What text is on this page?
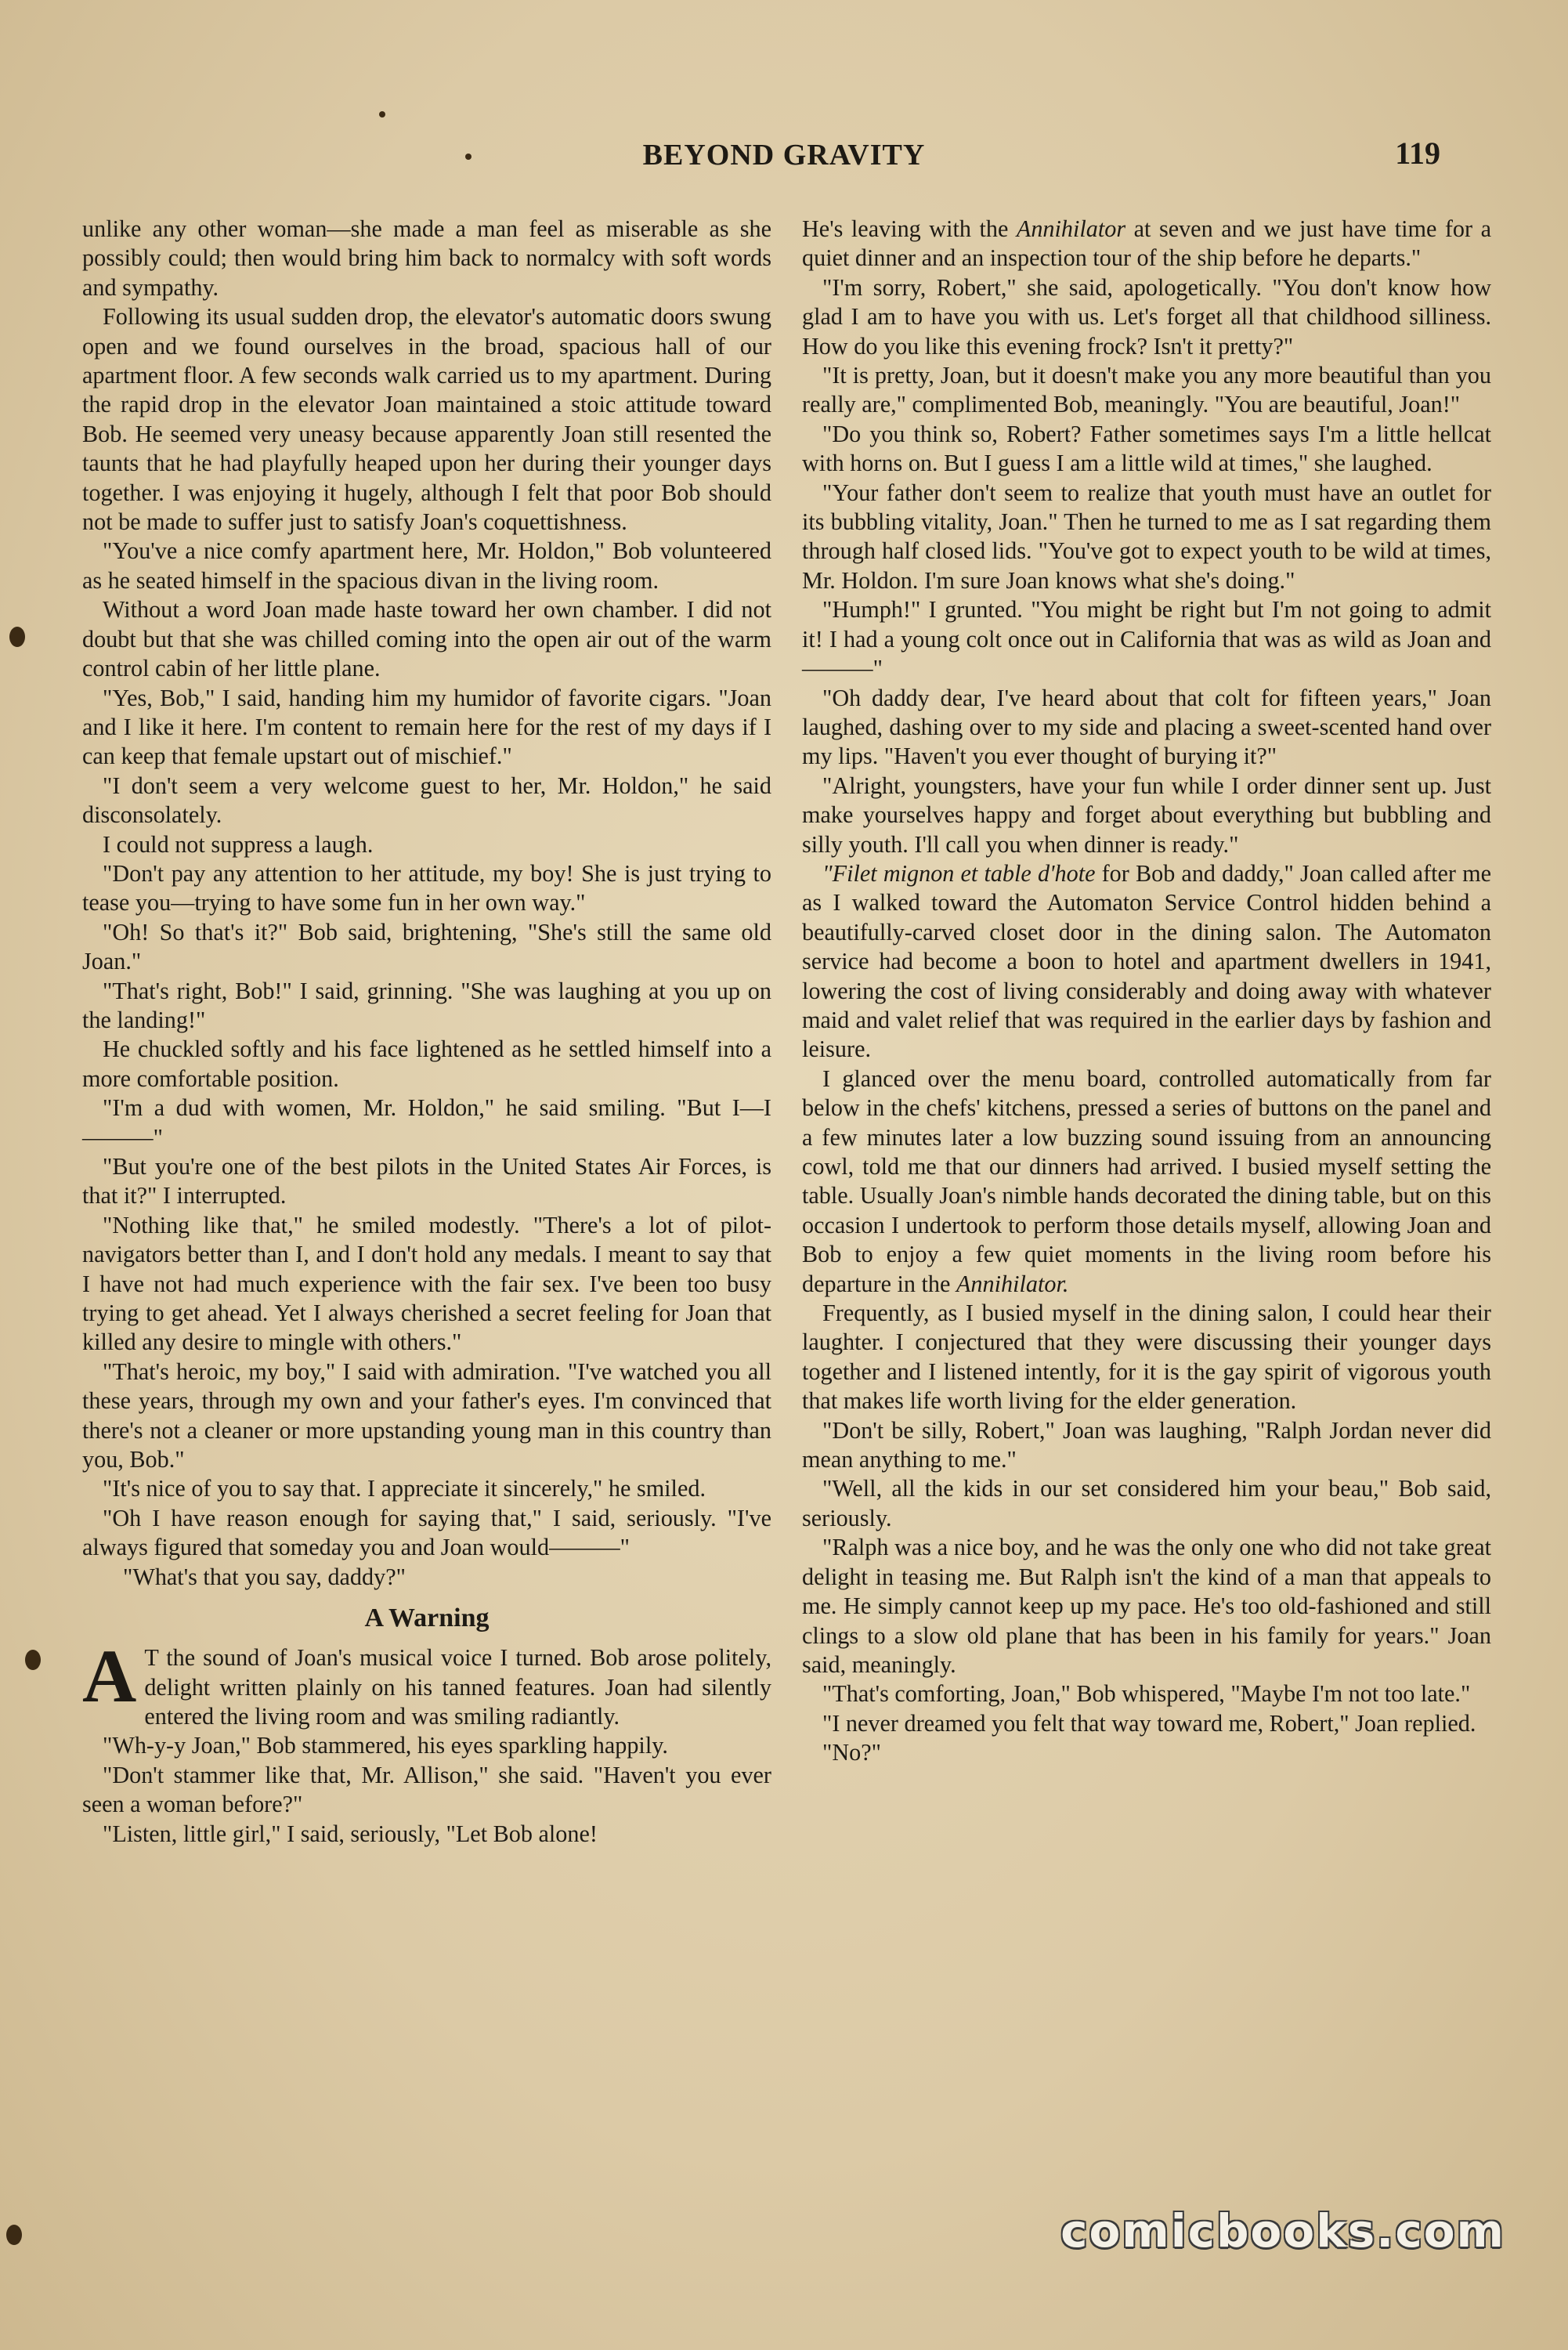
BEYOND GRAVITY	119

unlike any other woman—she made a man feel as miserable as she possibly could; then would bring him back to normalcy with soft words and sympathy.

Following its usual sudden drop, the elevator's automatic doors swung open and we found ourselves in the broad, spacious hall of our apartment floor. A few seconds walk carried us to my apartment. During the rapid drop in the elevator Joan maintained a stoic attitude toward Bob. He seemed very uneasy because apparently Joan still resented the taunts that he had playfully heaped upon her during their younger days together. I was enjoying it hugely, although I felt that poor Bob should not be made to suffer just to satisfy Joan's coquettishness.

"You've a nice comfy apartment here, Mr. Holdon," Bob volunteered as he seated himself in the spacious divan in the living room.

Without a word Joan made haste toward her own chamber. I did not doubt but that she was chilled coming into the open air out of the warm control cabin of her little plane.

"Yes, Bob," I said, handing him my humidor of favorite cigars. "Joan and I like it here. I'm content to remain here for the rest of my days if I can keep that female upstart out of mischief."

"I don't seem a very welcome guest to her, Mr. Holdon," he said disconsolately.

I could not suppress a laugh.

"Don't pay any attention to her attitude, my boy! She is just trying to tease you—trying to have some fun in her own way."

"Oh! So that's it?" Bob said, brightening, "She's still the same old Joan."

"That's right, Bob!" I said, grinning. "She was laughing at you up on the landing!"

He chuckled softly and his face lightened as he settled himself into a more comfortable position.

"I'm a dud with women, Mr. Holdon," he said smiling. "But I—I———"

"But you're one of the best pilots in the United States Air Forces, is that it?" I interrupted.

"Nothing like that," he smiled modestly. "There's a lot of pilot-navigators better than I, and I don't hold any medals. I meant to say that I have not had much experience with the fair sex. I've been too busy trying to get ahead. Yet I always cherished a secret feeling for Joan that killed any desire to mingle with others."

"That's heroic, my boy," I said with admiration. "I've watched you all these years, through my own and your father's eyes. I'm convinced that there's not a cleaner or more upstanding young man in this country than you, Bob."

"It's nice of you to say that. I appreciate it sincerely," he smiled.

"Oh I have reason enough for saying that," I said, seriously. "I've always figured that someday you and Joan would———"

"What's that you say, daddy?"

A Warning

A T the sound of Joan's musical voice I turned. Bob arose politely, delight written plainly on his tanned features. Joan had silently entered the living room and was smiling radiantly.

"Wh-y-y Joan," Bob stammered, his eyes sparkling happily.

"Don't stammer like that, Mr. Allison," she said. "Haven't you ever seen a woman before?"

"Listen, little girl," I said, seriously, "Let Bob alone!

He's leaving with the Annihilator at seven and we just have time for a quiet dinner and an inspection tour of the ship before he departs."

"I'm sorry, Robert," she said, apologetically. "You don't know how glad I am to have you with us. Let's forget all that childhood silliness. How do you like this evening frock? Isn't it pretty?"

"It is pretty, Joan, but it doesn't make you any more beautiful than you really are," complimented Bob, meaningly. "You are beautiful, Joan!"

"Do you think so, Robert? Father sometimes says I'm a little hellcat with horns on. But I guess I am a little wild at times," she laughed.

"Your father don't seem to realize that youth must have an outlet for its bubbling vitality, Joan." Then he turned to me as I sat regarding them through half closed lids. "You've got to expect youth to be wild at times, Mr. Holdon. I'm sure Joan knows what she's doing."

"Humph!" I grunted. "You might be right but I'm not going to admit it! I had a young colt once out in California that was as wild as Joan and———"

"Oh daddy dear, I've heard about that colt for fifteen years," Joan laughed, dashing over to my side and placing a sweet-scented hand over my lips. "Haven't you ever thought of burying it?"

"Alright, youngsters, have your fun while I order dinner sent up. Just make yourselves happy and forget about everything but bubbling and silly youth. I'll call you when dinner is ready."

"Filet mignon et table d'hote for Bob and daddy," Joan called after me as I walked toward the Automaton Service Control hidden behind a beautifully-carved closet door in the dining salon. The Automaton service had become a boon to hotel and apartment dwellers in 1941, lowering the cost of living considerably and doing away with whatever maid and valet relief that was required in the earlier days by fashion and leisure.

I glanced over the menu board, controlled automatically from far below in the chefs' kitchens, pressed a series of buttons on the panel and a few minutes later a low buzzing sound issuing from an announcing cowl, told me that our dinners had arrived. I busied myself setting the table. Usually Joan's nimble hands decorated the dining table, but on this occasion I undertook to perform those details myself, allowing Joan and Bob to enjoy a few quiet moments in the living room before his departure in the Annihilator.

Frequently, as I busied myself in the dining salon, I could hear their laughter. I conjectured that they were discussing their younger days together and I listened intently, for it is the gay spirit of vigorous youth that makes life worth living for the elder generation.

"Don't be silly, Robert," Joan was laughing, "Ralph Jordan never did mean anything to me."

"Well, all the kids in our set considered him your beau," Bob said, seriously.

"Ralph was a nice boy, and he was the only one who did not take great delight in teasing me. But Ralph isn't the kind of a man that appeals to me. He simply cannot keep up my pace. He's too old-fashioned and still clings to a slow old plane that has been in his family for years." Joan said, meaningly.

"That's comforting, Joan," Bob whispered, "Maybe I'm not too late."

"I never dreamed you felt that way toward me, Robert," Joan replied.

"No?"

comicbooks.com
